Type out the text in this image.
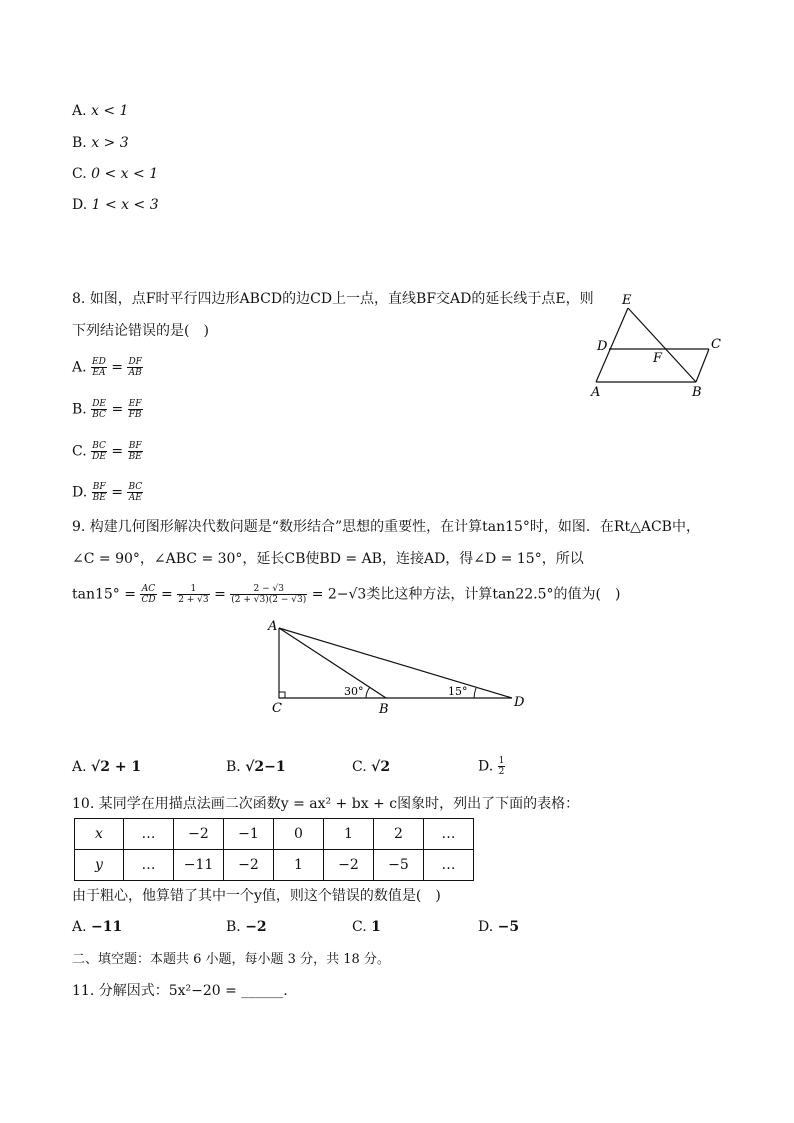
A. x < 1
B. x > 3
C. 0 < x < 1
D. 1 < x < 3
8. 如图，点F时平行四边形ABCD的边CD上一点，直线BF交AD的延长线于点E，则
下列结论错误的是(　)
E
D	C
F
A	B
A. $\frac{ED}{EA} = \frac{DF}{AB}$
B. $\frac{DE}{BC} = \frac{EF}{FB}$
C. $\frac{BC}{DE} = \frac{BF}{BE}$
D. $\frac{BF}{BE} = \frac{BC}{AE}$
9. 构建几何图形解决代数问题是“数形结合”思想的重要性，在计算tan15°时，如图．在Rt△ACB中，
∠C = 90°，∠ABC = 30°，延长CB使BD = AB，连接AD，得∠D = 15°，所以
$\tan 15^\circ = \frac{AC}{CD} = \frac{1}{2 + √3} = \frac{2 - √3}{(2 + √3)(2 - √3)} = 2-√3$类比这种方法，计算tan22.5°的值为(　)
A
C	B	D
30°	15°
A. √2 + 1	B. √2−1	C. √2	D. $\frac{1}{2}$
10. 某同学在用描点法画二次函数y = ax² + bx + c图象时，列出了下面的表格：
x	…	−2	−1	0	1	2	…
y	…	−11	−2	1	−2	−5	…
由于粗心，他算错了其中一个y值，则这个错误的数值是(　)
A. −11	B. −2	C. 1	D. −5
二、填空题：本题共 6 小题，每小题 3 分，共 18 分。
11. 分解因式：5x²−20 = ______.
